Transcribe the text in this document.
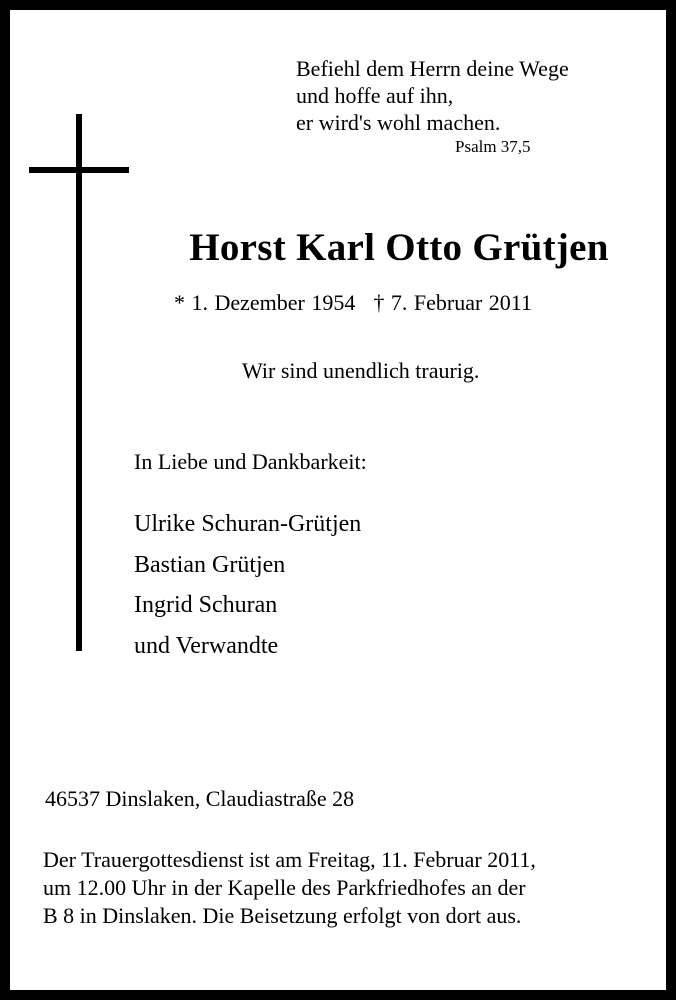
Befiehl dem Herrn deine Wege
und hoffe auf ihn,
er wird's wohl machen.
Psalm 37,5
Horst Karl Otto Grütjen
* 1. Dezember 1954 † 7. Februar 2011
Wir sind unendlich traurig.
In Liebe und Dankbarkeit:
Ulrike Schuran-Grütjen
Bastian Grütjen
Ingrid Schuran
und Verwandte
46537 Dinslaken, Claudiastraße 28
Der Trauergottesdienst ist am Freitag, 11. Februar 2011,
um 12.00 Uhr in der Kapelle des Parkfriedhofes an der
B 8 in Dinslaken. Die Beisetzung erfolgt von dort aus.
